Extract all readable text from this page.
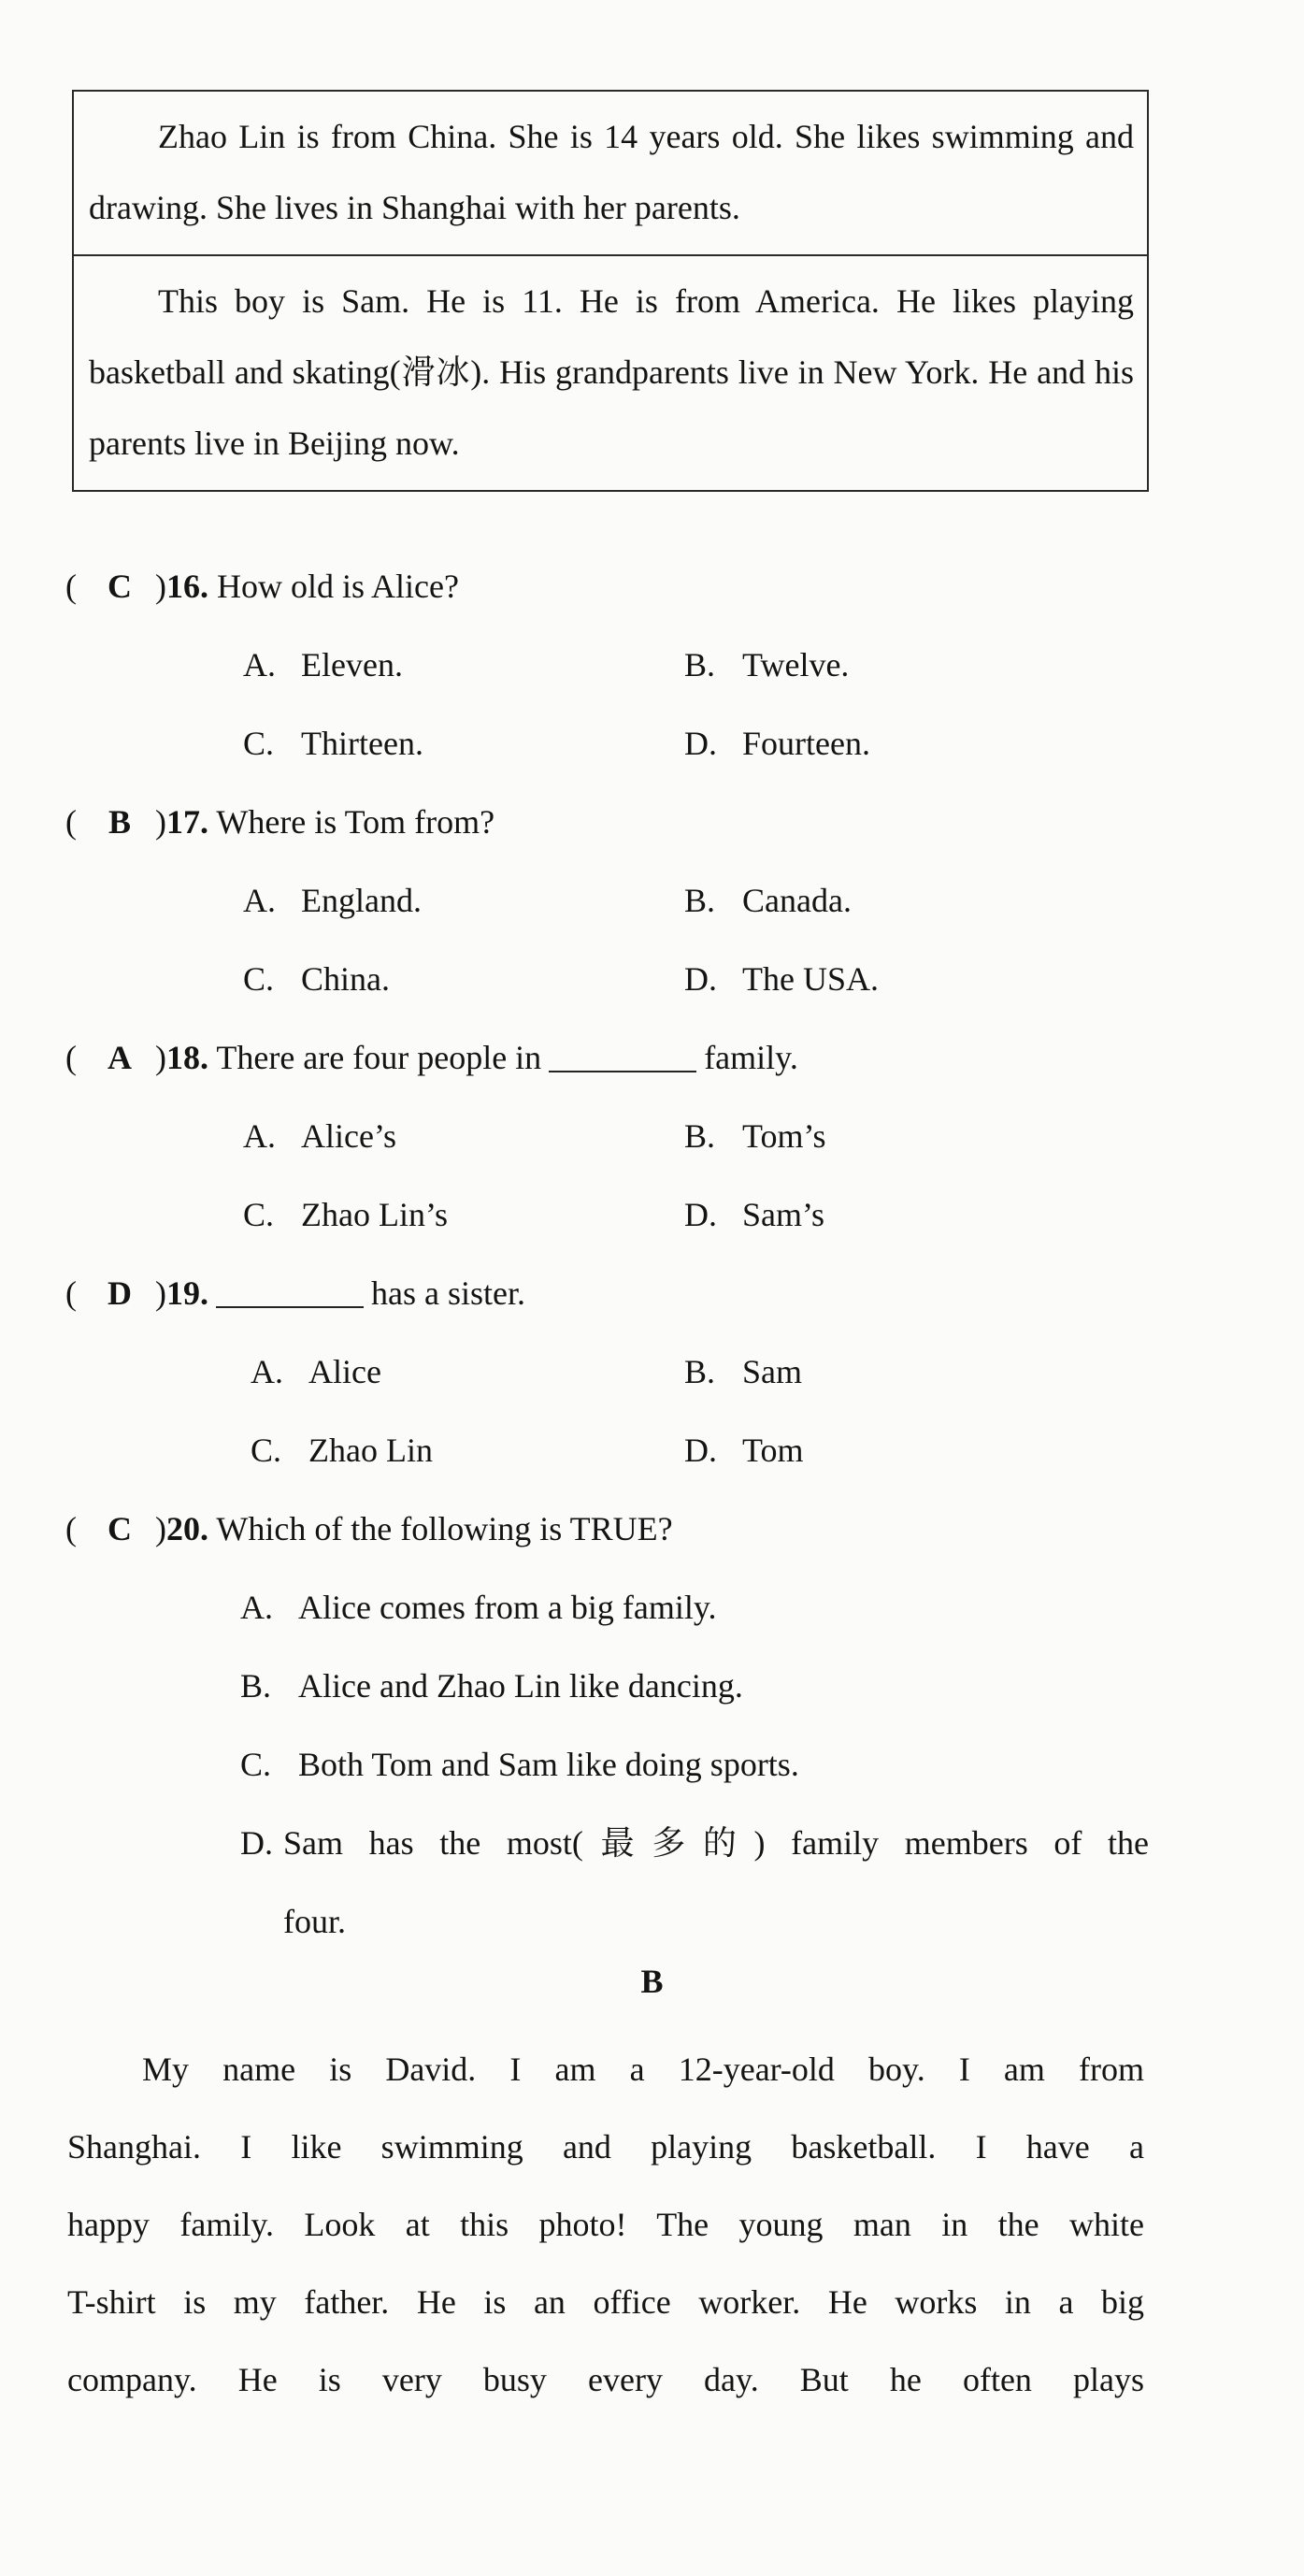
Zhao Lin is from China. She is 14 years old. She likes swimming and drawing. She lives in Shanghai with her parents.
This boy is Sam. He is 11. He is from America. He likes playing basketball and skating(滑冰). His grandparents live in New York. He and his parents live in Beijing now.
( C )16. How old is Alice?
A. Eleven.	B. Twelve.
C. Thirteen.	D. Fourteen.
( B )17. Where is Tom from?
A. England.	B. Canada.
C. China.	D. The USA.
( A )18. There are four people in	family.
A. Alice’s	B. Tom’s
C. Zhao Lin’s	D. Sam’s
( D )19.	has a sister.
A. Alice	B. Sam
C. Zhao Lin	D. Tom
( C )20. Which of the following is TRUE?
A. Alice comes from a big family.
B. Alice and Zhao Lin like dancing.
C. Both Tom and Sam like doing sports.
D. Sam has the most(最多的) family members of the
four.
B
My name is David. I am a 12-year-old boy. I am from
Shanghai. I like swimming and playing basketball. I have a
happy family. Look at this photo! The young man in the white
T-shirt is my father. He is an office worker. He works in a big
company. He is very busy every day. But he often plays
